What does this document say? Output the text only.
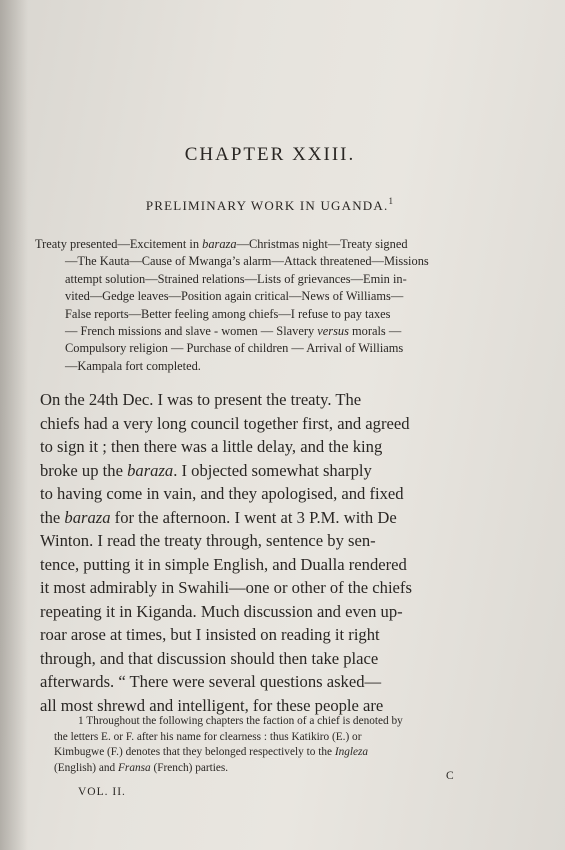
CHAPTER XXIII.
PRELIMINARY WORK IN UGANDA.$^1$
Treaty presented—Excitement in baraza—Christmas night—Treaty signed
—The Kauta—Cause of Mwanga’s alarm—Attack threatened—Missions
attempt solution—Strained relations—Lists of grievances—Emin in-
vited—Gedge leaves—Position again critical—News of Williams—
False reports—Better feeling among chiefs—I refuse to pay taxes
— French missions and slave - women — Slavery versus morals —
Compulsory religion — Purchase of children — Arrival of Williams
—Kampala fort completed.
On the 24th Dec. I was to present the treaty. The
chiefs had a very long council together first, and agreed
to sign it ; then there was a little delay, and the king
broke up the baraza. I objected somewhat sharply
to having come in vain, and they apologised, and fixed
the baraza for the afternoon. I went at 3 P.M. with De
Winton. I read the treaty through, sentence by sen-
tence, putting it in simple English, and Dualla rendered
it most admirably in Swahili—one or other of the chiefs
repeating it in Kiganda. Much discussion and even up-
roar arose at times, but I insisted on reading it right
through, and that discussion should then take place
afterwards. “ There were several questions asked—
all most shrewd and intelligent, for these people are
1 Throughout the following chapters the faction of a chief is denoted by
the letters E. or F. after his name for clearness : thus Katikiro (E.) or
Kimbugwe (F.) denotes that they belonged respectively to the Ingleza
(English) and Fransa (French) parties.
VOL. II.
C
